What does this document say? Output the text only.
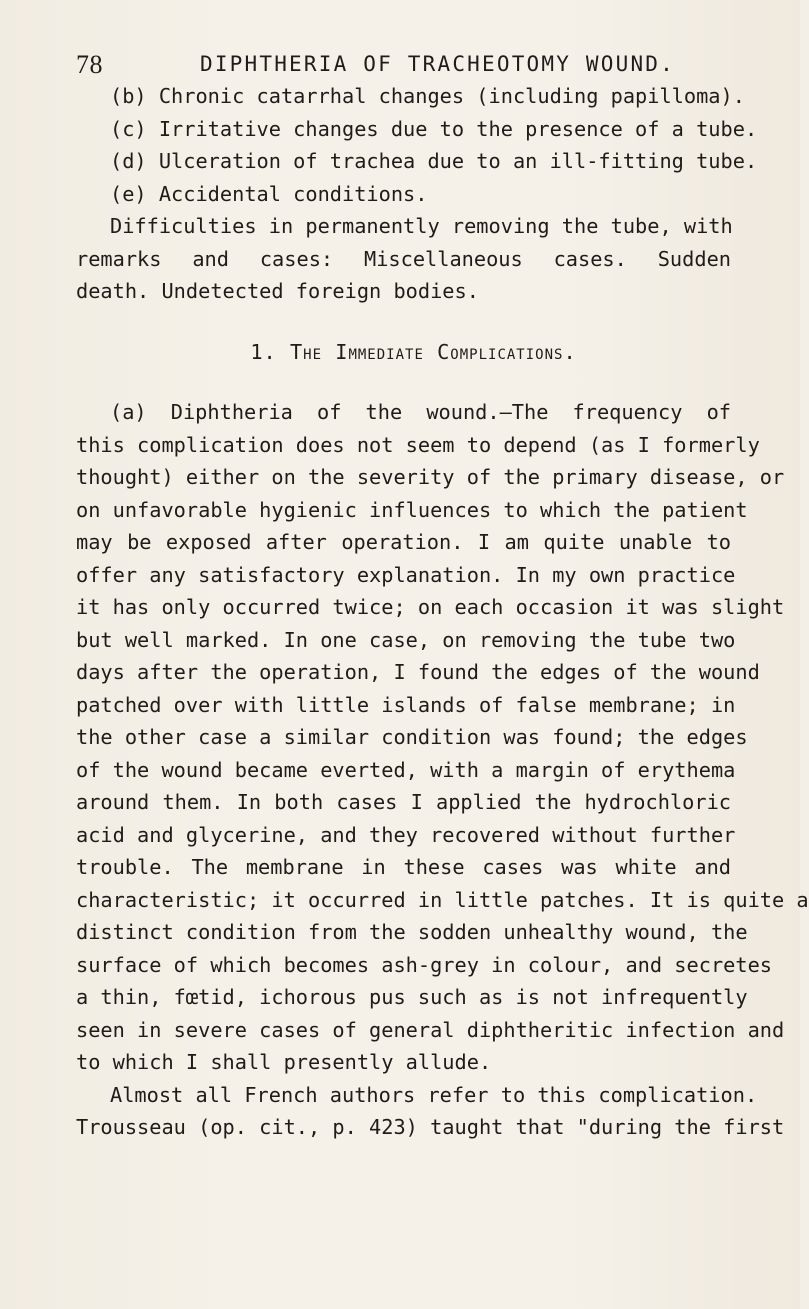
78	DIPHTHERIA OF TRACHEOTOMY WOUND.
(b) Chronic catarrhal changes (including papilloma).
(c) Irritative changes due to the presence of a tube.
(d) Ulceration of trachea due to an ill-fitting tube.
(e) Accidental conditions.
Difficulties in permanently removing the tube, with
remarks and cases: Miscellaneous cases. Sudden
death. Undetected foreign bodies.
1. The Immediate Complications.
(a) Diphtheria of the wound.—The frequency of
this complication does not seem to depend (as I formerly
thought) either on the severity of the primary disease, or
on unfavorable hygienic influences to which the patient
may be exposed after operation. I am quite unable to
offer any satisfactory explanation. In my own practice
it has only occurred twice; on each occasion it was slight
but well marked. In one case, on removing the tube two
days after the operation, I found the edges of the wound
patched over with little islands of false membrane; in
the other case a similar condition was found; the edges
of the wound became everted, with a margin of erythema
around them. In both cases I applied the hydrochloric
acid and glycerine, and they recovered without further
trouble. The membrane in these cases was white and
characteristic; it occurred in little patches. It is quite a
distinct condition from the sodden unhealthy wound, the
surface of which becomes ash-grey in colour, and secretes
a thin, fœtid, ichorous pus such as is not infrequently
seen in severe cases of general diphtheritic infection and
to which I shall presently allude.
Almost all French authors refer to this complication.
Trousseau (op. cit., p. 423) taught that "during the first
